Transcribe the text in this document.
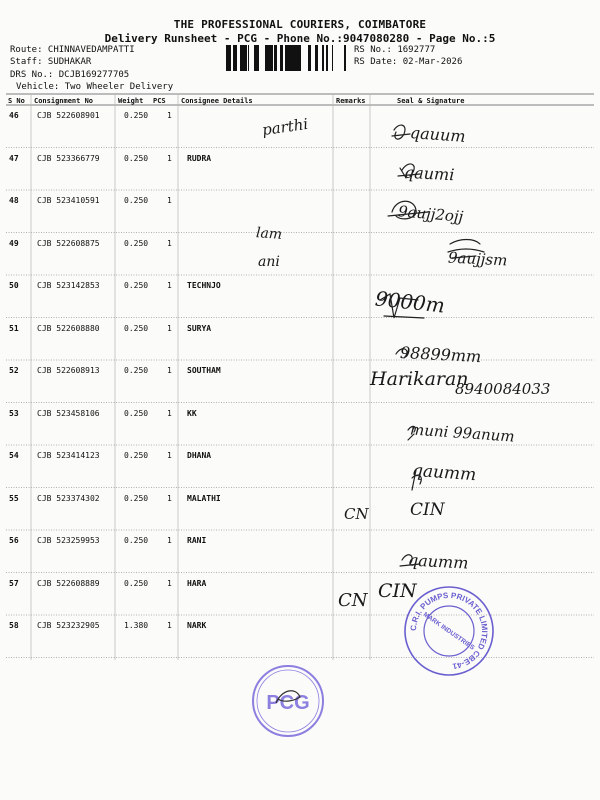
THE PROFESSIONAL COURIERS, COIMBATORE
Delivery Runsheet - PCG - Phone No.:9047080280 - Page No.:5
Route: CHINNAVEDAMPATTI
Staff: SUDHAKAR
DRS No.: DCJB169277705
Vehicle: Two Wheeler Delivery
RS No.: 1692777
RS Date: 02-Mar-2026
S No Consignment No	Weight PCS Consignee Details	Remarks	Seal & Signature
46 CJB 522608901	0.250 1
47 CJB 523366779	0.250 1 RUDRA
48 CJB 523410591	0.250 1
49 CJB 522608875	0.250 1
50 CJB 523142853	0.250 1 TECHNJO
51 CJB 522608880	0.250 1 SURYA
52 CJB 522608913	0.250 1 SOUTHAM
53 CJB 523458106	0.250 1 KK
54 CJB 523414123	0.250 1 DHANA
55 CJB 523374302	0.250 1 MALATHI
56 CJB 523259953	0.250 1 RANI
57 CJB 522608889	0.250 1 HARA
58 CJB 523232905	1.380 1 NARK
parthi
lam
ani
qauum
qaumi
9aujj2ojj
9aujjsm
9000m
98899mm
Harikaran
8940084033
muni 99anum
qaumm
CN CIN
qaumm
CN CIN
C.R.I. PUMPS PRIVATE LIMITED CBE-41
MARK INDUSTRIES
PCG
